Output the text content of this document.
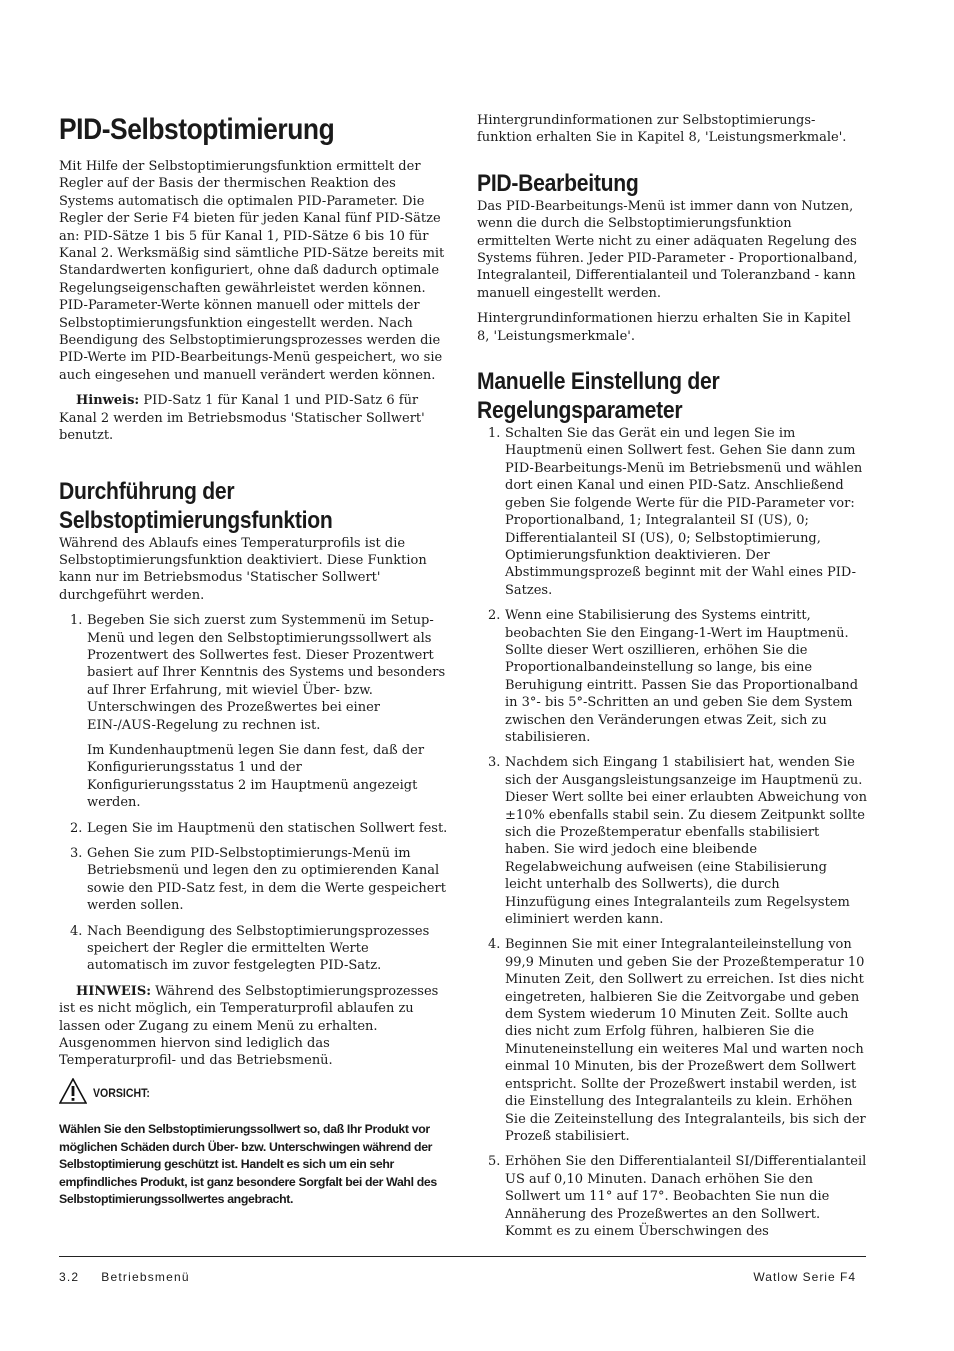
PID-Selbstoptimierung

Mit Hilfe der Selbstoptimierungsfunktion ermittelt der Regler auf der Basis der thermischen Reaktion des Systems automatisch die optimalen PID-Parameter. Die Regler der Serie F4 bieten für jeden Kanal fünf PID-Sätze an: PID-Sätze 1 bis 5 für Kanal 1, PID-Sätze 6 bis 10 für Kanal 2. Werksmäßig sind sämtliche PID-Sätze bereits mit Standardwerten konfiguriert, ohne daß dadurch optimale Regelungseigenschaften gewährleistet werden können. PID-Parameter-Werte können manuell oder mittels der Selbstoptimierungsfunktion eingestellt werden. Nach Beendigung des Selbstoptimierungsprozesses werden die PID-Werte im PID-Bearbeitungs-Menü gespeichert, wo sie auch eingesehen und manuell verändert werden können.

Hinweis: PID-Satz 1 für Kanal 1 und PID-Satz 6 für Kanal 2 werden im Betriebsmodus 'Statischer Sollwert' benutzt.

Durchführung der
Selbstoptimierungsfunktion

Während des Ablaufs eines Temperaturprofils ist die Selbstoptimierungsfunktion deaktiviert. Diese Funktion kann nur im Betriebsmodus 'Statischer Sollwert' durchgeführt werden.

1. Begeben Sie sich zuerst zum Systemmenü im Setup-Menü und legen den Selbstoptimierungssollwert als Prozentwert des Sollwertes fest. Dieser Prozentwert basiert auf Ihrer Kenntnis des Systems und besonders auf Ihrer Erfahrung, mit wieviel Über- bzw. Unterschwingen des Prozeßwertes bei einer EIN-/AUS-Regelung zu rechnen ist.

Im Kundenhauptmenü legen Sie dann fest, daß der Konfigurierungsstatus 1 und der Konfigurierungsstatus 2 im Hauptmenü angezeigt werden.

2. Legen Sie im Hauptmenü den statischen Sollwert fest.

3. Gehen Sie zum PID-Selbstoptimierungs-Menü im Betriebsmenü und legen den zu optimierenden Kanal sowie den PID-Satz fest, in dem die Werte gespeichert werden sollen.

4. Nach Beendigung des Selbstoptimierungsprozesses speichert der Regler die ermittelten Werte automatisch im zuvor festgelegten PID-Satz.

HINWEIS: Während des Selbstoptimierungsprozesses ist es nicht möglich, ein Temperaturprofil ablaufen zu lassen oder Zugang zu einem Menü zu erhalten. Ausgenommen hiervon sind lediglich das Temperaturprofil- und das Betriebsmenü.

VORSICHT:

Wählen Sie den Selbstoptimierungssollwert so, daß Ihr Produkt vor möglichen Schäden durch Über- bzw. Unterschwingen während der Selbstoptimierung geschützt ist. Handelt es sich um ein sehr empfindliches Produkt, ist ganz besondere Sorgfalt bei der Wahl des Selbstoptimierungssollwertes angebracht.

Hintergrundinformationen zur Selbstoptimierungs-funktion erhalten Sie in Kapitel 8, 'Leistungsmerkmale'.

PID-Bearbeitung

Das PID-Bearbeitungs-Menü ist immer dann von Nutzen, wenn die durch die Selbstoptimierungsfunktion ermittelten Werte nicht zu einer adäquaten Regelung des Systems führen. Jeder PID-Parameter - Proportionalband, Integralanteil, Differentialanteil und Toleranzband - kann manuell eingestellt werden.

Hintergrundinformationen hierzu erhalten Sie in Kapitel 8, 'Leistungsmerkmale'.

Manuelle Einstellung der
Regelungsparameter
1. Schalten Sie das Gerät ein und legen Sie im Hauptmenü einen Sollwert fest. Gehen Sie dann zum PID-Bearbeitungs-Menü im Betriebsmenü und wählen dort einen Kanal und einen PID-Satz. Anschließend geben Sie folgende Werte für die PID-Parameter vor: Proportionalband, 1; Integralanteil SI (US), 0; Differentialanteil SI (US), 0; Selbstoptimierung, Optimierungsfunktion deaktivieren. Der Abstimmungsprozeß beginnt mit der Wahl eines PID-Satzes.

2. Wenn eine Stabilisierung des Systems eintritt, beobachten Sie den Eingang-1-Wert im Hauptmenü. Sollte dieser Wert oszillieren, erhöhen Sie die Proportionalbandeinstellung so lange, bis eine Beruhigung eintritt. Passen Sie das Proportionalband in 3°- bis 5°-Schritten an und geben Sie dem System zwischen den Veränderungen etwas Zeit, sich zu stabilisieren.

3. Nachdem sich Eingang 1 stabilisiert hat, wenden Sie sich der Ausgangsleistungsanzeige im Hauptmenü zu. Dieser Wert sollte bei einer erlaubten Abweichung von ±10% ebenfalls stabil sein. Zu diesem Zeitpunkt sollte sich die Prozeßtemperatur ebenfalls stabilisiert haben. Sie wird jedoch eine bleibende Regelabweichung aufweisen (eine Stabilisierung leicht unterhalb des Sollwerts), die durch Hinzufügung eines Integralanteils zum Regelsystem eliminiert werden kann.

4. Beginnen Sie mit einer Integralanteileinstellung von 99,9 Minuten und geben Sie der Prozeßtemperatur 10 Minuten Zeit, den Sollwert zu erreichen. Ist dies nicht eingetreten, halbieren Sie die Zeitvorgabe und geben dem System wiederum 10 Minuten Zeit. Sollte auch dies nicht zum Erfolg führen, halbieren Sie die Minuteneinstellung ein weiteres Mal und warten noch einmal 10 Minuten, bis der Prozeßwert dem Sollwert entspricht. Sollte der Prozeßwert instabil werden, ist die Einstellung des Integralanteils zu klein. Erhöhen Sie die Zeiteinstellung des Integralanteils, bis sich der Prozeß stabilisiert.

5. Erhöhen Sie den Differentialanteil SI/Differentialanteil US auf 0,10 Minuten. Danach erhöhen Sie den Sollwert um 11° auf 17°. Beobachten Sie nun die Annäherung des Prozeßwertes an den Sollwert. Kommt es zu einem Überschwingen des

3.2 Betriebsmenü	Watlow Serie F4
